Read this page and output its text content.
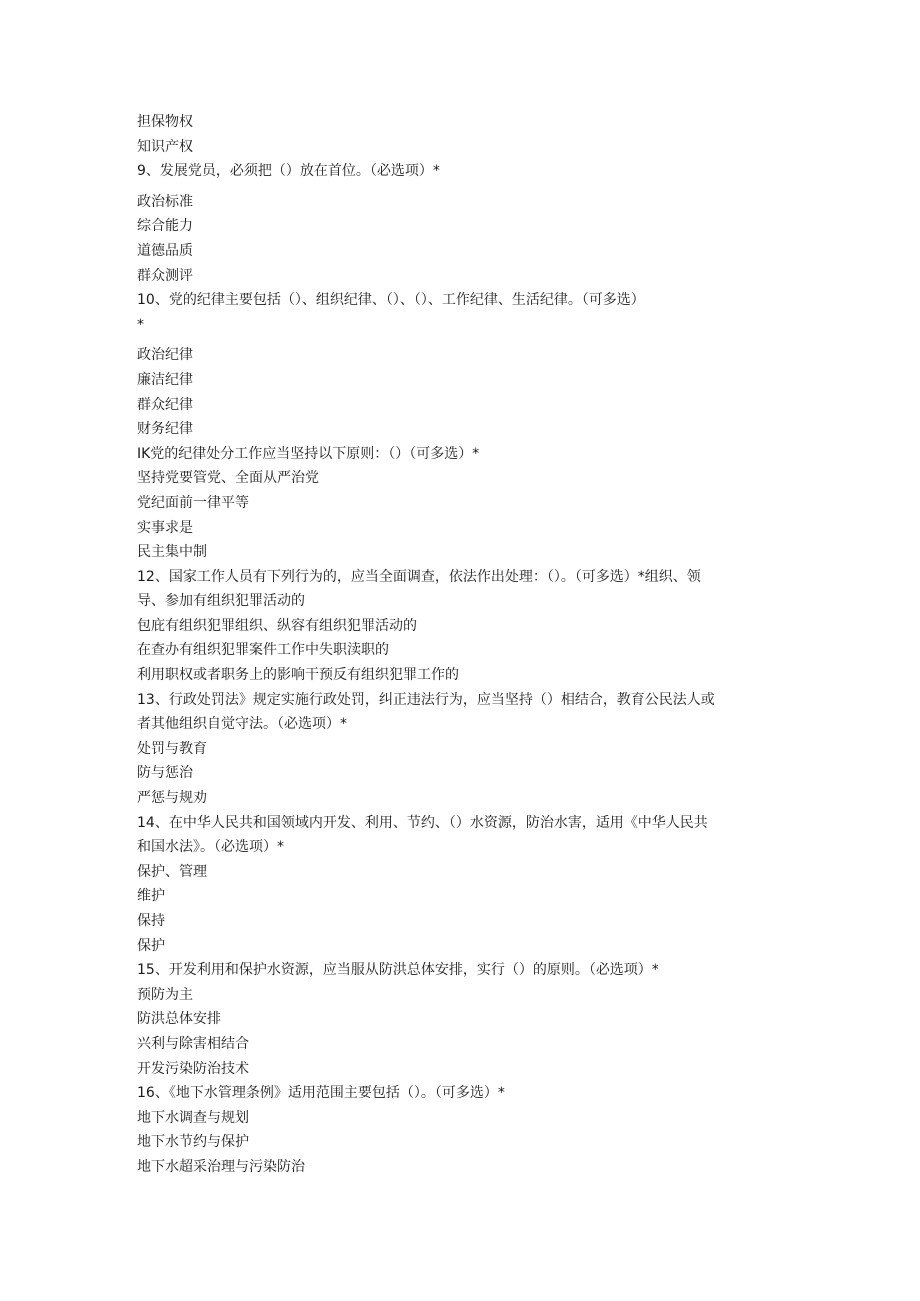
担保物权
知识产权
9、发展党员，必须把（）放在首位。（必选项）*
政治标准
综合能力
道德品质
群众测评
10、党的纪律主要包括（）、组织纪律、（）、（）、工作纪律、生活纪律。（可多选）
*
政治纪律
廉洁纪律
群众纪律
财务纪律
IK党的纪律处分工作应当坚持以下原则：（）（可多选）*
坚持党要管党、全面从严治党
党纪面前一律平等
实事求是
民主集中制
12、国家工作人员有下列行为的，应当全面调查，依法作出处理：（）。（可多选）*组织、领
导、参加有组织犯罪活动的
包庇有组织犯罪组织、纵容有组织犯罪活动的
在查办有组织犯罪案件工作中失职渎职的
利用职权或者职务上的影响干预反有组织犯罪工作的
13、行政处罚法》规定实施行政处罚，纠正违法行为，应当坚持（）相结合，教育公民法人或
者其他组织自觉守法。（必选项）*
处罚与教育
防与惩治
严惩与规劝
14、在中华人民共和国领域内开发、利用、节约、（）水资源，防治水害，适用《中华人民共
和国水法》。（必选项）*
保护、管理
维护
保持
保护
15、开发利用和保护水资源，应当服从防洪总体安排，实行（）的原则。（必选项）*
预防为主
防洪总体安排
兴利与除害相结合
开发污染防治技术
16、《地下水管理条例》适用范围主要包括（）。（可多选）*
地下水调查与规划
地下水节约与保护
地下水超采治理与污染防治
